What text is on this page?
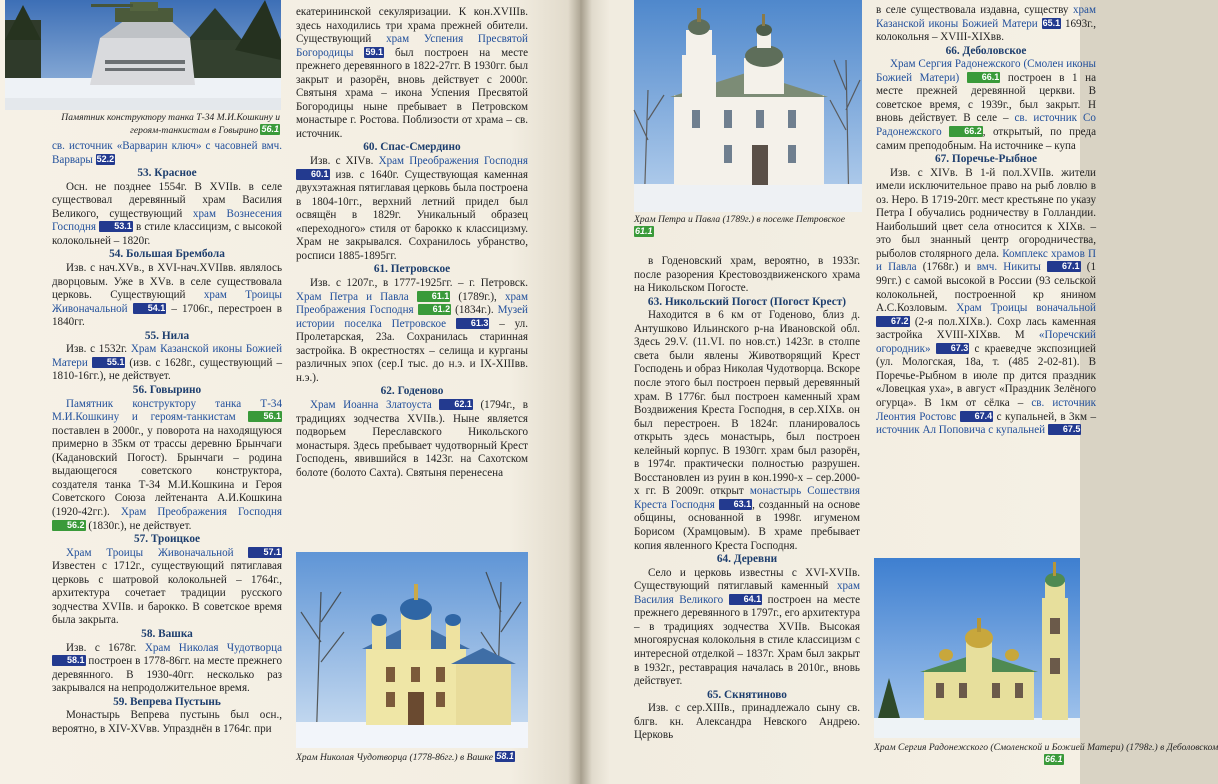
Памятник конструктору танка Т-34 М.И.Кошкину и героям-танкистам в Говырино 56.1

св. источник «Варварин ключ» с часовней вмч. Варвары 52.2

53. Красное

Осн. не позднее 1554г. В XVIIв. в селе существовал деревянный храм Василия Великого, существующий храм Вознесения Господня 53.1 в стиле классицизм, с высокой колокольней – 1820г.

54. Большая Брембола

Изв. с нач.XVв., в XVI-нач.XVIIвв. являлось дворцовым. Уже в XVв. в селе существовала церковь. Существующий храм Троицы Живоначальной 54.1 – 1706г., перестроен в 1840гг.

55. Нила

Изв. с 1532г. Храм Казанской иконы Божией Матери 55.1 (изв. с 1628г., существующий – 1810-16гг.), не действует.

56. Говырино

Памятник конструктору танка Т-34 М.И.Кошкину и героям-танкистам	56.1 поставлен в 2000г., у поворота на находящуюся примерно в 35км от трассы деревню Брынчаги (Кадановский Погост). Брынчаги – родина выдающегося советского конструктора, создателя танка Т-34 М.И.Кошкина и Героя Советского Союза лейтенанта А.И.Кошкина (1920-42гг.). Храм Преображения Господня 56.2 (1830г.), не действует.

57. Троицкое

Храм Троицы Живоначальной	57.1 Известен с 1712г., существующий пятиглавая церковь с шатровой колокольней – 1764г., архитектура сочетает традиции русского зодчества XVIIв. и барокко. В советское время была закрыта.

58. Вашка

Изв. с 1678г. Храм Николая Чудотворца 58.1 построен в 1778-86гг. на месте прежнего деревянного. В 1930-40гг. несколько раз закрывался на непродолжительное время.

59. Вепрева Пустынь

Монастырь Вепрева пустынь был осн., вероятно, в XIV-XVвв. Упразднён в 1764г. при

екатерининской секуляризации. К кон.XVIIIв. здесь находились три храма прежней обители. Существующий храм Успения Пресвятой Богородицы 59.1 был построен на месте прежнего деревянного в 1822-27гг. В 1930гг. был закрыт и разорён, вновь действует с 2000г. Святыня храма – икона Успения Пресвятой Богородицы ныне пребывает в Петровском монастыре г. Ростова. Поблизости от храма – св. источник.

60. Спас-Смердино

Изв. с XIVв. Храм Преображения Господня 60.1 изв. с 1640г. Существующая каменная двухэтажная пятиглавая церковь была построена в 1804-10гг., верхний летний придел был освящён в 1829г. Уникальный образец «переходного» стиля от барокко к классицизму. Храм не закрывался. Сохранилось убранство, росписи 1885-1895гг.

61. Петровское

Изв. с 1207г., в 1777-1925гг. – г. Петровск. Храм Петра и Павла	61.1 (1789г.), храм Преображения Господня 61.2 (1834г.). Музей истории поселка Петровское	61.3 – ул. Пролетарская, 23а. Сохранилась старинная застройка. В окрестностях – селища и курганы различных эпох (сер.I тыс. до н.э. и IX-XIIIвв. н.э.).

62. Годеново

Храм Иоанна Златоуста	62.1 (1794г., в традициях зодчества XVIIв.). Ныне является подворьем Переславского Никольского монастыря. Здесь пребывает чудотворный Крест Господень, явившийся в 1423г. на Сахотском болоте (болото Сахта). Святыня перенесена

Храм Николая Чудотворца (1778-86гг.) в Вашке 58.1
Храм Петра и Павла (1789г.) в поселке Петровское 61.1

в Годеновский храм, вероятно, в 1933г. после разорения Крестовоздвиженского храма на Никольском Погосте.

63. Никольский Погост (Погост Крест)

Находится в 6 км от Годеново, близ д. Антушково Ильинского р-на Ивановской обл. Здесь 29.V. (11.VI. по нов.ст.) 1423г. в столпе света были явлены Животворящий Крест Господень и образ Николая Чудотворца. Вскоре после этого был построен первый деревянный храм. В 1776г. был построен каменный храм Воздвижения Креста Господня, в сер.XIXв. он был перестроен. В 1824г. планировалось открыть здесь монастырь, был построен келейный корпус. В 1930гг. храм был разорён, в 1974г. практически полностью разрушен. Восстановлен из руин в кон.1990-х – сер.2000-х гг. В 2009г. открыт монастырь Сошествия Креста Господня 63.1, созданный на основе общины, основанной в 1998г. игуменом Борисом (Храмцовым). В храме пребывает копия явленного Креста Господня.

64. Деревни

Село и церковь известны с XVI-XVIIв. Существующий пятиглавый каменный храм Василия Великого 64.1 построен на месте прежнего деревянного в 1797г., его архитектура – в традициях зодчества XVIIв. Высокая многоярусная колокольня в стиле классицизм с интересной отделкой – 1837г. Храм был закрыт в 1932г., реставрация началась в 2010г., вновь действует.

65. Скнятиново

Изв. с сер.XIIIв., принадлежало сыну св. блгв. кн. Александра Невского Андрею. Церковь

в селе существовала издавна, существу храм Казанской иконы Божией Матери 65.1 1693г., колокольня – XVIII-XIXвв.

66. Деболовское

Храм Сергия Радонежского (Смолен иконы Божией Матери)	66.1 построен в 1 на месте прежней деревянной церкви. В советское время, с 1939г., был закрыт. Н вновь действует. В селе – св. источник Со Радонежского	66.2, открытый, по преда самим преподобным. На источнике – купа

67. Поречье-Рыбное

Изв. с XIVв. В 1-й пол.XVIIв. жители имели исключительное право на рыб ловлю в оз. Неро. В 1719-20гг. мест крестьяне по указу Петра I обучались родничеству в Голландии. Наибольший цвет села относится к XIXв. – это был знанный центр огородничества, рыболов столярного дела. Комплекс храмов П и Павла (1768г.) и вмч. Никиты 67.1 (1 99гг.) с самой высокой в России (93 сельской колокольней, построенной кр янином А.С.Козловым. Храм Троицы воначальной 67.2 (2-я пол.XIXв.). Сохр лась каменная застройка XVIII-XIXвв. М «Поречский огородник» 67.3 с краеведче экспозицией (ул. Мологская, 18а, т. (485 2-02-81). В Поречье-Рыбном в июле пр дится праздник «Ловецкая уха», в август «Праздник Зелёного огурца». В 1км от сёлка – св. источник Леонтия Ростовс 67.4 с купальней, в 3км – источник Ал Поповича с купальней 67.5

Храм Сергия Радонежского (Смоленской и Божией Матери) (1798г.) в Деболовском
66.1
